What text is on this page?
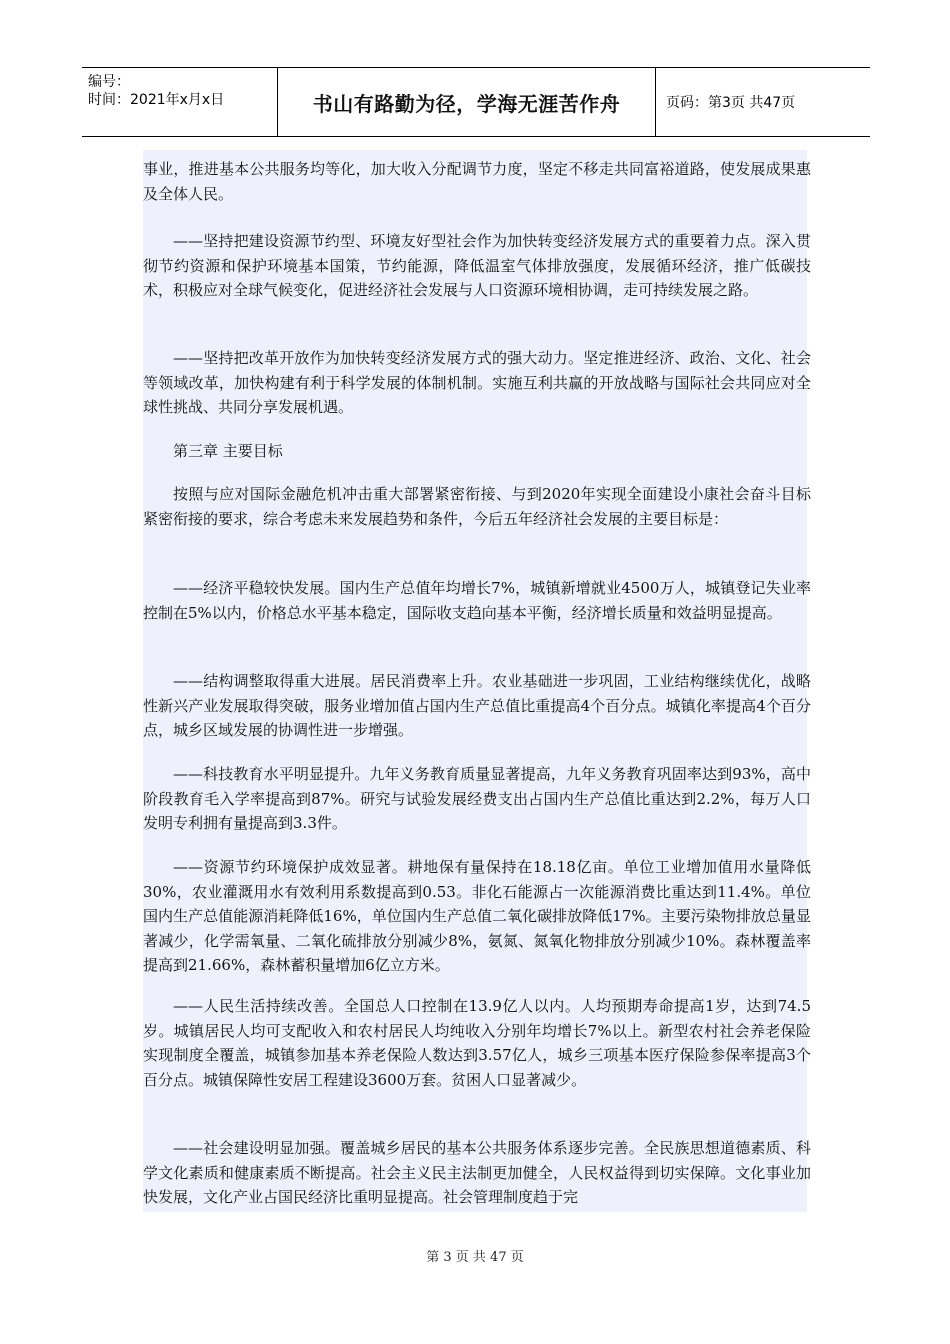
编号：
时间：2021年x月x日	书山有路勤为径，学海无涯苦作舟	页码：第3页 共47页

事业，推进基本公共服务均等化，加大收入分配调节力度，坚定不移走共同富裕道路，使发展成果惠及全体人民。

——坚持把建设资源节约型、环境友好型社会作为加快转变经济发展方式的重要着力点。深入贯彻节约资源和保护环境基本国策，节约能源，降低温室气体排放强度，发展循环经济，推广低碳技术，积极应对全球气候变化，促进经济社会发展与人口资源环境相协调，走可持续发展之路。

——坚持把改革开放作为加快转变经济发展方式的强大动力。坚定推进经济、政治、文化、社会等领域改革，加快构建有利于科学发展的体制机制。实施互利共赢的开放战略与国际社会共同应对全球性挑战、共同分享发展机遇。

第三章 主要目标

按照与应对国际金融危机冲击重大部署紧密衔接、与到2020年实现全面建设小康社会奋斗目标紧密衔接的要求，综合考虑未来发展趋势和条件，今后五年经济社会发展的主要目标是：

——经济平稳较快发展。国内生产总值年均增长7%，城镇新增就业4500万人，城镇登记失业率控制在5%以内，价格总水平基本稳定，国际收支趋向基本平衡，经济增长质量和效益明显提高。

——结构调整取得重大进展。居民消费率上升。农业基础进一步巩固，工业结构继续优化，战略性新兴产业发展取得突破，服务业增加值占国内生产总值比重提高4个百分点。城镇化率提高4个百分点，城乡区域发展的协调性进一步增强。

——科技教育水平明显提升。九年义务教育质量显著提高，九年义务教育巩固率达到93%，高中阶段教育毛入学率提高到87%。研究与试验发展经费支出占国内生产总值比重达到2.2%，每万人口发明专利拥有量提高到3.3件。

——资源节约环境保护成效显著。耕地保有量保持在18.18亿亩。单位工业增加值用水量降低30%，农业灌溉用水有效利用系数提高到0.53。非化石能源占一次能源消费比重达到11.4%。单位国内生产总值能源消耗降低16%，单位国内生产总值二氧化碳排放降低17%。主要污染物排放总量显著减少，化学需氧量、二氧化硫排放分别减少8%，氨氮、氮氧化物排放分别减少10%。森林覆盖率提高到21.66%，森林蓄积量增加6亿立方米。

——人民生活持续改善。全国总人口控制在13.9亿人以内。人均预期寿命提高1岁，达到74.5岁。城镇居民人均可支配收入和农村居民人均纯收入分别年均增长7%以上。新型农村社会养老保险实现制度全覆盖，城镇参加基本养老保险人数达到3.57亿人，城乡三项基本医疗保险参保率提高3个百分点。城镇保障性安居工程建设3600万套。贫困人口显著减少。

——社会建设明显加强。覆盖城乡居民的基本公共服务体系逐步完善。全民族思想道德素质、科学文化素质和健康素质不断提高。社会主义民主法制更加健全，人民权益得到切实保障。文化事业加快发展，文化产业占国民经济比重明显提高。社会管理制度趋于完

第 3 页 共 47 页
